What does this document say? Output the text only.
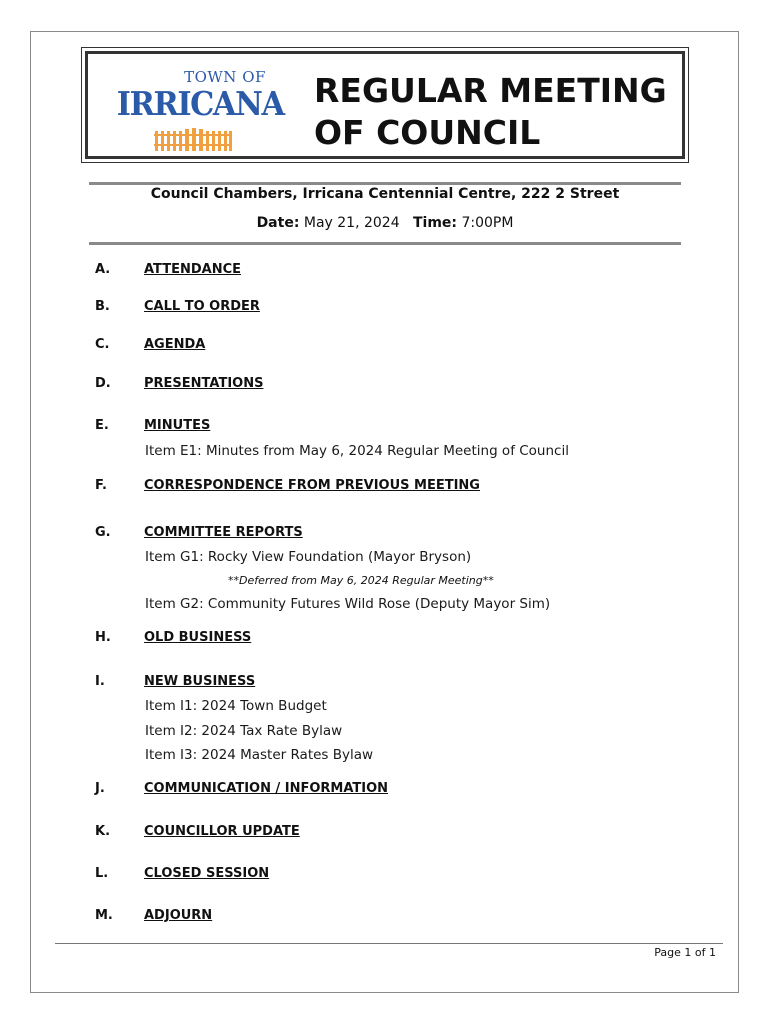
TOWN OF
IRRICANA REGULAR MEETING
OF COUNCIL
Council Chambers, Irricana Centennial Centre, 222 2 Street
Date: May 21, 2024 Time: 7:00PM
A.	ATTENDANCE
B.	CALL TO ORDER
C.	AGENDA
D.	PRESENTATIONS
E.	MINUTES
Item E1: Minutes from May 6, 2024 Regular Meeting of Council
F.	CORRESPONDENCE FROM PREVIOUS MEETING
G.	COMMITTEE REPORTS
Item G1: Rocky View Foundation (Mayor Bryson)
**Deferred from May 6, 2024 Regular Meeting**
Item G2: Community Futures Wild Rose (Deputy Mayor Sim)
H.	OLD BUSINESS
I.	NEW BUSINESS
Item I1: 2024 Town Budget
Item I2: 2024 Tax Rate Bylaw
Item I3: 2024 Master Rates Bylaw
J.	COMMUNICATION / INFORMATION
K.	COUNCILLOR UPDATE
L.	CLOSED SESSION
M. ADJOURN
Page 1 of 1
